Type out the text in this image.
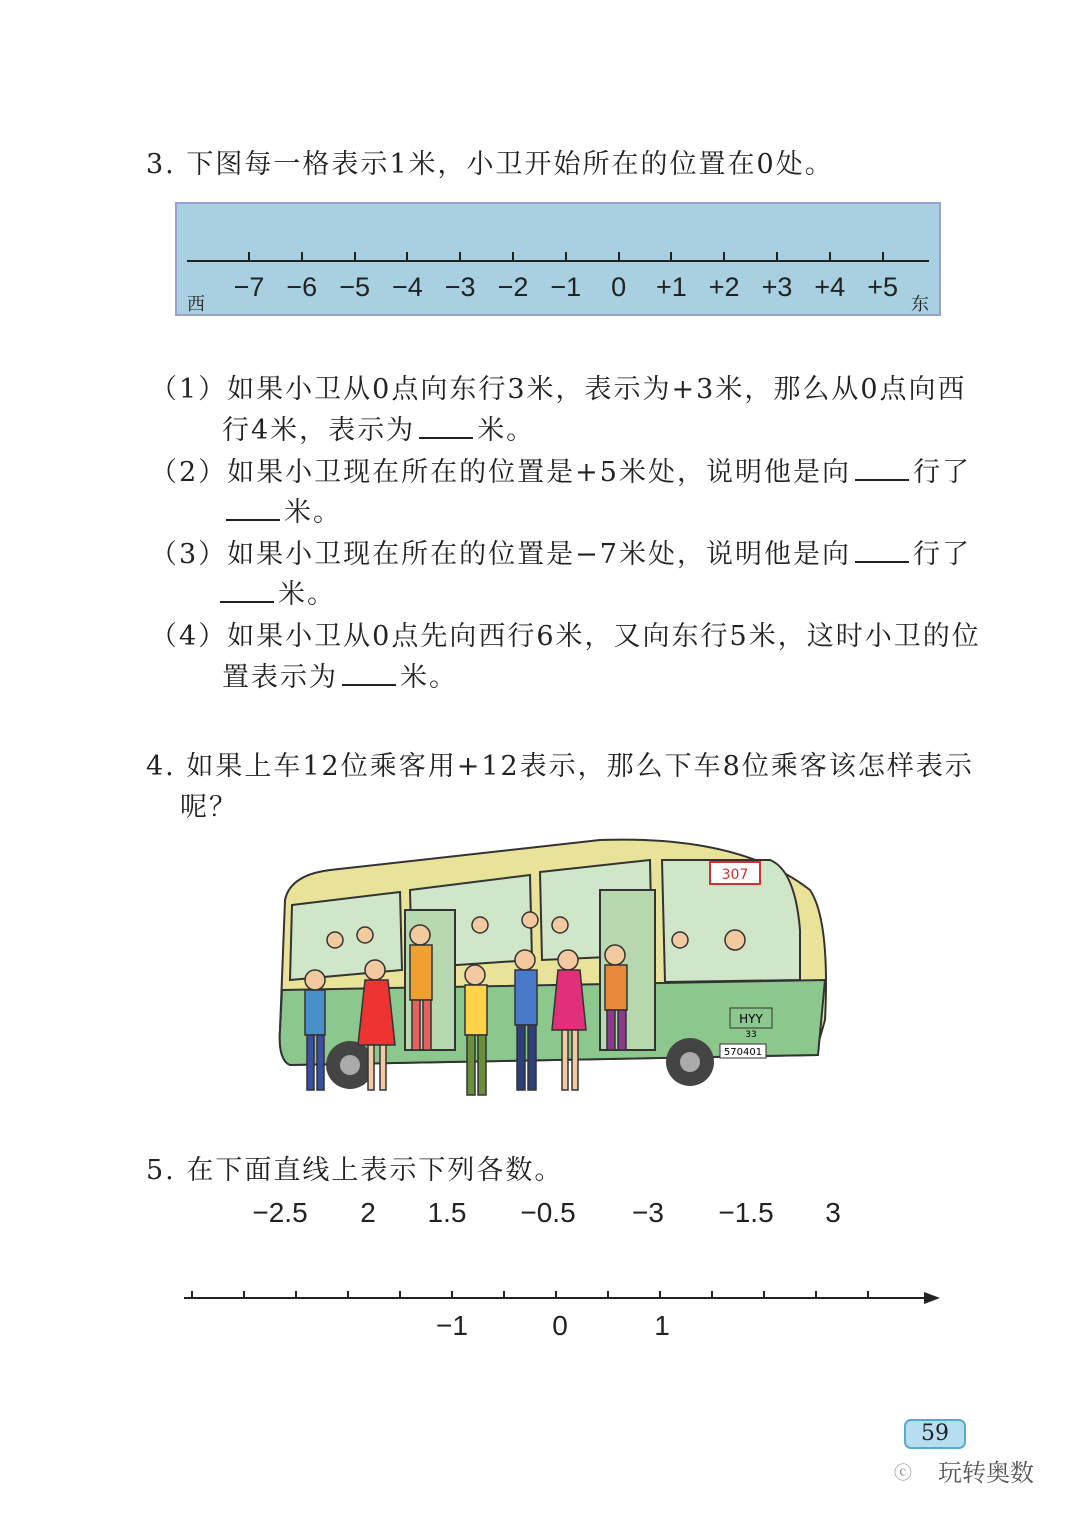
3. 下图每一格表示1米，小卫开始所在的位置在0处。
−7 −6 −5 −4 −3 −2 −1 0 +1 +2 +3 +4 +5
西	东
（1）如果小卫从0点向东行3米，表示为+3米，那么从0点向西
行4米，表示为 米。
（2）如果小卫现在所在的位置是+5米处，说明他是向 行了
米。
（3）如果小卫现在所在的位置是−7米处，说明他是向 行了
米。
（4）如果小卫从0点先向西行6米，又向东行5米，这时小卫的位
置表示为 米。
4. 如果上车12位乘客用+12表示，那么下车8位乘客该怎样表示
呢？
307
HYY
33
570401
5. 在下面直线上表示下列各数。
−2.5 2 1.5 −0.5 −3 −1.5 3
−1	0	1
59
ⓒ 玩转奥数
